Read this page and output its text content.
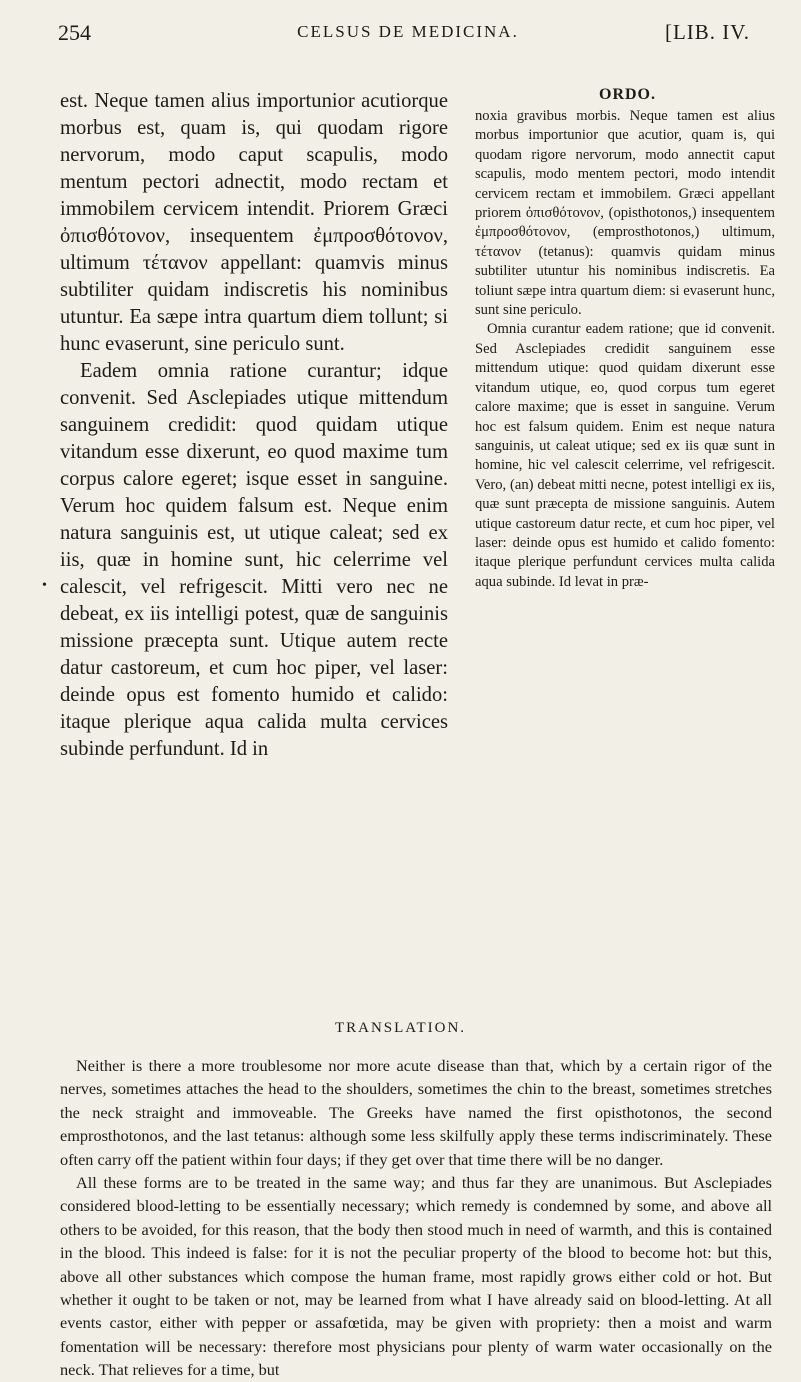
254	CELSUS DE MEDICINA.	[LIB. IV.
•

est. Neque tamen alius importunior acutiorque morbus est, quam is, qui quodam rigore nervorum, modo caput scapulis, modo mentum pectori adnectit, modo rectam et immobilem cervicem intendit. Priorem Græci ὀπισθότονον, insequentem ἐμπροσθότονον, ultimum τέτανον appellant: quamvis minus subtiliter quidam indiscretis his nominibus utuntur. Ea sæpe intra quartum diem tollunt; si hunc evaserunt, sine periculo sunt.

Eadem omnia ratione curantur; idque convenit. Sed Asclepiades utique mittendum sanguinem credidit: quod quidam utique vitandum esse dixerunt, eo quod maxime tum corpus calore egeret; isque esset in sanguine. Verum hoc quidem falsum est. Neque enim natura sanguinis est, ut utique caleat; sed ex iis, quæ in homine sunt, hic celerrime vel calescit, vel refrigescit. Mitti vero nec ne debeat, ex iis intelligi potest, quæ de sanguinis missione præcepta sunt. Utique autem recte datur castoreum, et cum hoc piper, vel laser: deinde opus est fomento humido et calido: itaque plerique aqua calida multa cervices subinde perfundunt. Id in

ORDO.

noxia gravibus morbis. Neque tamen est alius morbus importunior que acutior, quam is, qui quodam rigore nervorum, modo annectit caput scapulis, modo mentem pectori, modo intendit cervicem rectam et immobilem. Græci appellant priorem ὀπισθότονον, (opisthotonos,) insequentem ἐμπροσθότονον, (emprosthotonos,) ultimum, τέτανον (tetanus): quamvis quidam minus subtiliter utuntur his nominibus indiscretis. Ea toliunt sæpe intra quartum diem: si evaserunt hunc, sunt sine periculo.

Omnia curantur eadem ratione; que id convenit. Sed Asclepiades credidit sanguinem esse mittendum utique: quod quidam dixerunt esse vitandum utique, eo, quod corpus tum egeret calore maxime; que is esset in sanguine. Verum hoc est falsum quidem. Enim est neque natura sanguinis, ut caleat utique; sed ex iis quæ sunt in homine, hic vel calescit celerrime, vel refrigescit. Vero, (an) debeat mitti necne, potest intelligi ex iis, quæ sunt præcepta de missione sanguinis. Autem utique castoreum datur recte, et cum hoc piper, vel laser: deinde opus est humido et calido fomento: itaque plerique perfundunt cervices multa calida aqua subinde. Id levat in præ-

TRANSLATION.

Neither is there a more troublesome nor more acute disease than that, which by a certain rigor of the nerves, sometimes attaches the head to the shoulders, sometimes the chin to the breast, sometimes stretches the neck straight and immoveable. The Greeks have named the first opisthotonos, the second emprosthotonos, and the last tetanus: although some less skilfully apply these terms indiscriminately. These often carry off the patient within four days; if they get over that time there will be no danger.

All these forms are to be treated in the same way; and thus far they are unanimous. But Asclepiades considered blood-letting to be essentially necessary; which remedy is condemned by some, and above all others to be avoided, for this reason, that the body then stood much in need of warmth, and this is contained in the blood. This indeed is false: for it is not the peculiar property of the blood to become hot: but this, above all other substances which compose the human frame, most rapidly grows either cold or hot. But whether it ought to be taken or not, may be learned from what I have already said on blood-letting. At all events castor, either with pepper or assafœtida, may be given with propriety: then a moist and warm fomentation will be necessary: therefore most physicians pour plenty of warm water occasionally on the neck. That relieves for a time, but
